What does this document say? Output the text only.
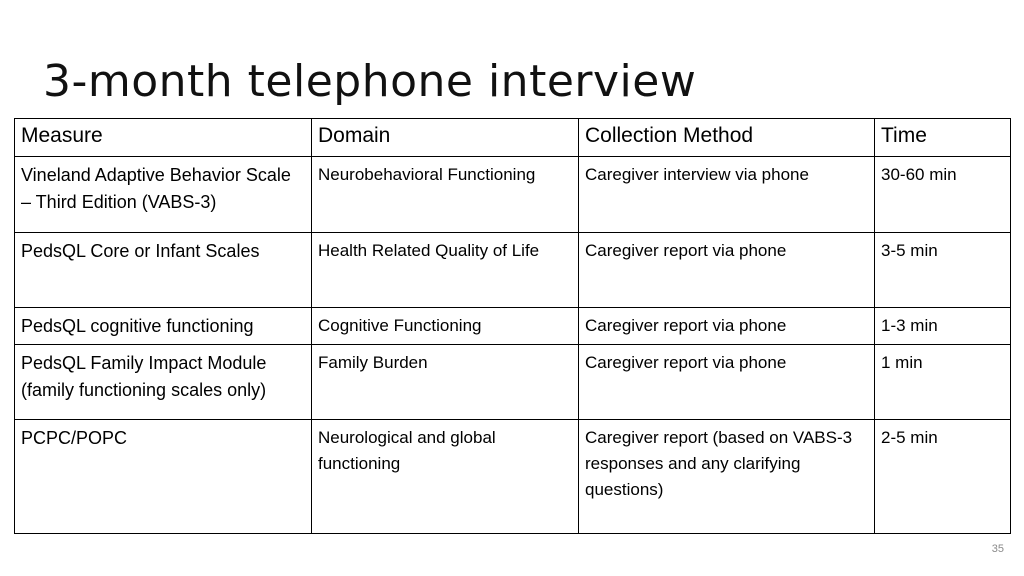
3-month telephone interview
Measure	Domain	Collection Method	Time
Vineland Adaptive Behavior Scale – Third Edition (VABS-3)	Neurobehavioral Functioning	Caregiver interview via phone	30-60 min
PedsQL Core or Infant Scales	Health Related Quality of Life	Caregiver report via phone	3-5 min
PedsQL cognitive functioning	Cognitive Functioning	Caregiver report via phone	1-3 min
PedsQL Family Impact Module (family functioning scales only)	Family Burden	Caregiver report via phone	1 min
PCPC/POPC	Neurological and global functioning	Caregiver report (based on VABS-3 responses and any clarifying questions)	2-5 min
35
